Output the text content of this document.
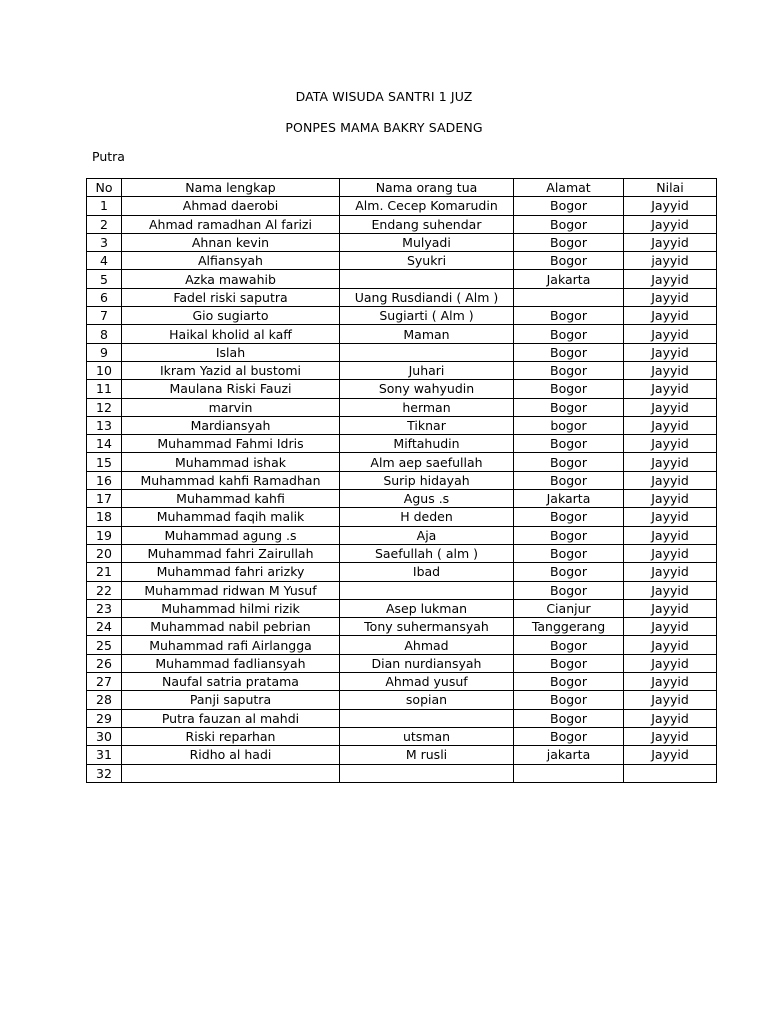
DATA WISUDA SANTRI 1 JUZ
PONPES MAMA BAKRY SADENG
Putra
No	Nama lengkap	Nama orang tua	Alamat	Nilai
1	Ahmad daerobi	Alm. Cecep Komarudin	Bogor	Jayyid
2	Ahmad ramadhan Al farizi	Endang suhendar	Bogor	Jayyid
3	Ahnan kevin	Mulyadi	Bogor	Jayyid
4	Alfiansyah	Syukri	Bogor	jayyid
5	Azka mawahib		Jakarta	Jayyid
6	Fadel riski saputra	Uang Rusdiandi ( Alm )		Jayyid
7	Gio sugiarto	Sugiarti ( Alm )	Bogor	Jayyid
8	Haikal kholid al kaff	Maman	Bogor	Jayyid
9	Islah		Bogor	Jayyid
10	Ikram Yazid al bustomi	Juhari	Bogor	Jayyid
11	Maulana Riski Fauzi	Sony wahyudin	Bogor	Jayyid
12	marvin	herman	Bogor	Jayyid
13	Mardiansyah	Tiknar	bogor	Jayyid
14	Muhammad Fahmi Idris	Miftahudin	Bogor	Jayyid
15	Muhammad ishak	Alm aep saefullah	Bogor	Jayyid
16	Muhammad kahfi Ramadhan	Surip hidayah	Bogor	Jayyid
17	Muhammad kahfi	Agus .s	Jakarta	Jayyid
18	Muhammad faqih malik	H deden	Bogor	Jayyid
19	Muhammad agung .s	Aja	Bogor	Jayyid
20	Muhammad fahri Zairullah	Saefullah ( alm )	Bogor	Jayyid
21	Muhammad fahri arizky	Ibad	Bogor	Jayyid
22	Muhammad ridwan M Yusuf		Bogor	Jayyid
23	Muhammad hilmi rizik	Asep lukman	Cianjur	Jayyid
24	Muhammad nabil pebrian	Tony suhermansyah	Tanggerang	Jayyid
25	Muhammad rafi Airlangga	Ahmad	Bogor	Jayyid
26	Muhammad fadliansyah	Dian nurdiansyah	Bogor	Jayyid
27	Naufal satria pratama	Ahmad yusuf	Bogor	Jayyid
28	Panji saputra	sopian	Bogor	Jayyid
29	Putra fauzan al mahdi		Bogor	Jayyid
30	Riski reparhan	utsman	Bogor	Jayyid
31	Ridho al hadi	M rusli	jakarta	Jayyid
32				
